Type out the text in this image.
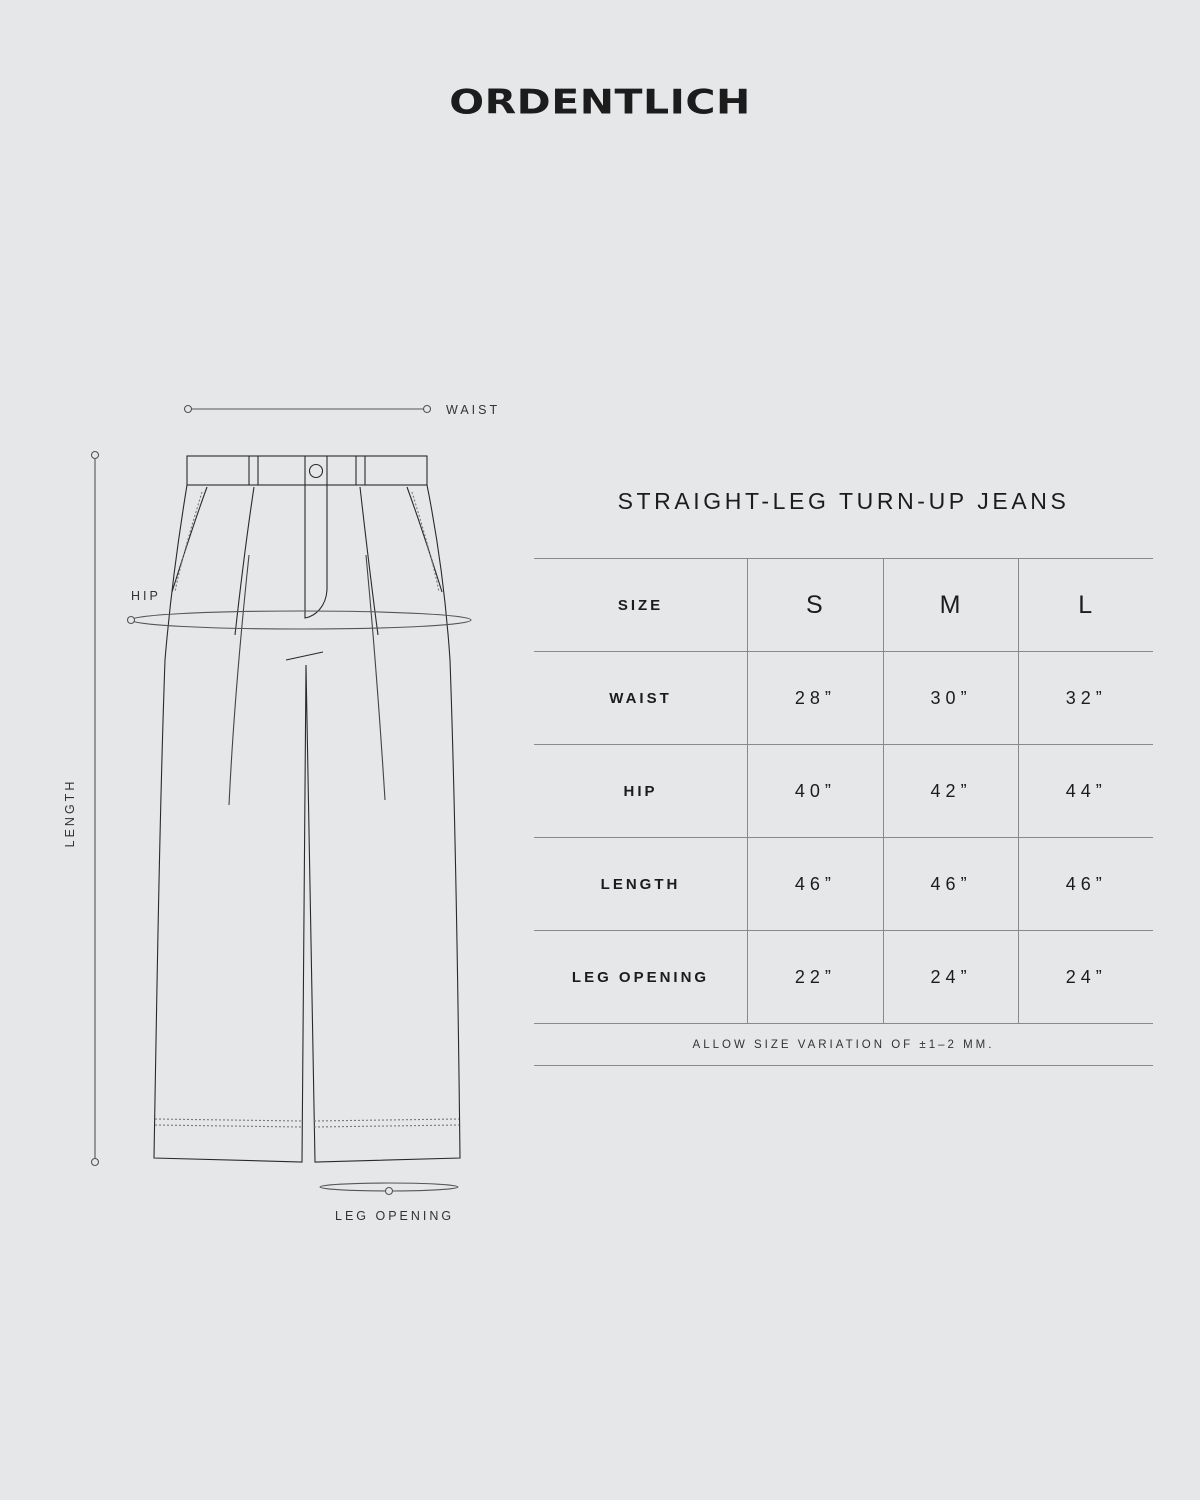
ORDENTLICH
WAIST
HIP
LENGTH
LEG OPENING
STRAIGHT-LEG TURN-UP JEANS
SIZE	S	M	L
WAIST	28”	30”	32”
HIP	40”	42”	44”
LENGTH	46”	46”	46”
LEG OPENING	22”	24”	24”
ALLOW SIZE VARIATION OF ±1–2 MM.			
